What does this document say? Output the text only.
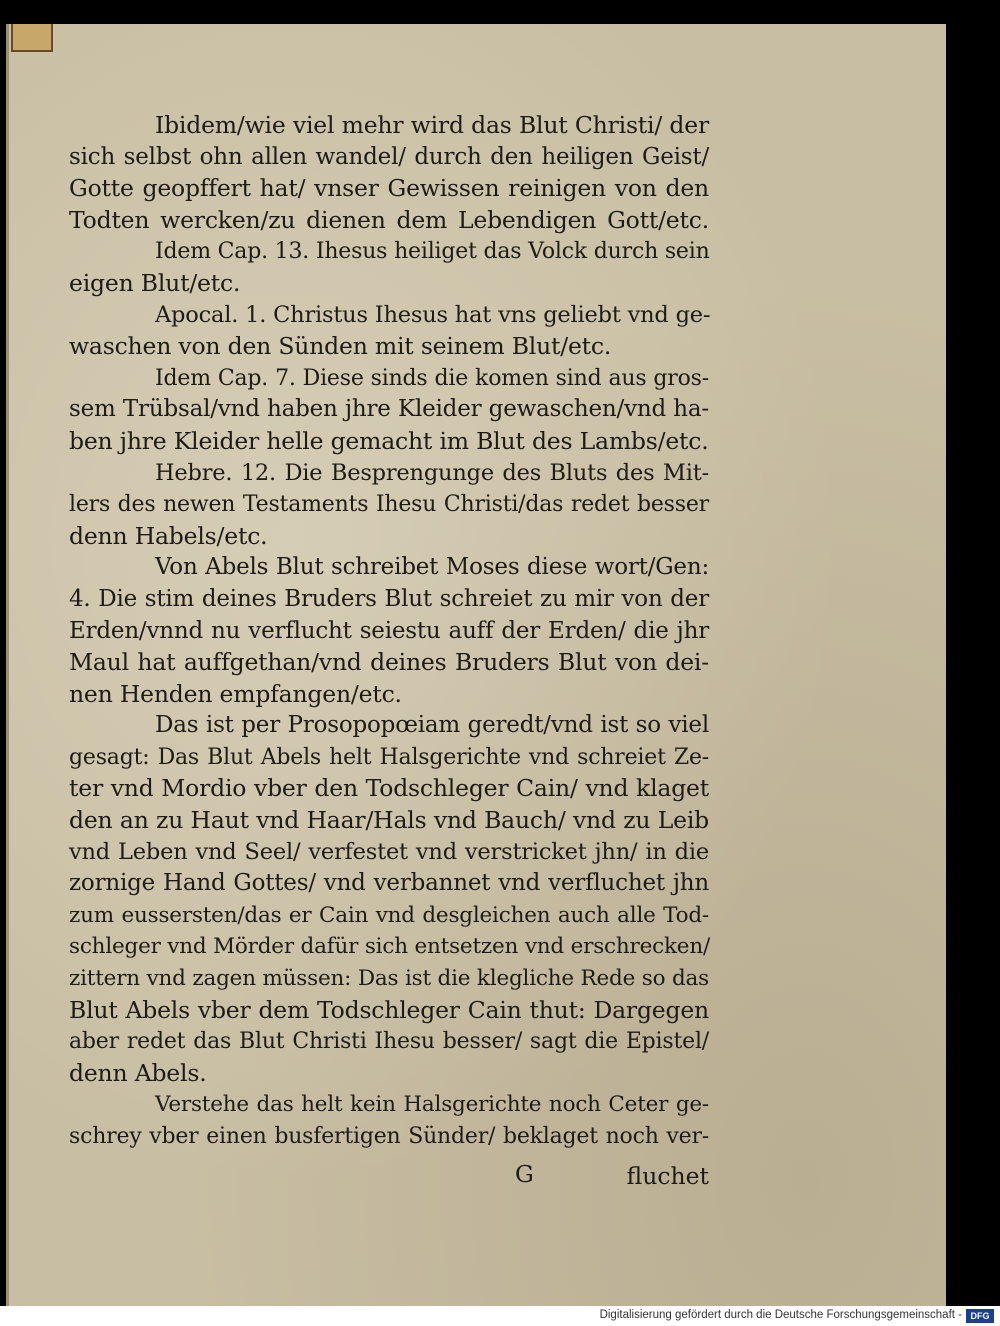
Ibidem/wie viel mehr wird das Blut Christi/ der
sich selbst ohn allen wandel/ durch den heiligen Geist/
Gotte geopffert hat/ vnser Gewissen reinigen von den
Todten wercken/zu dienen dem Lebendigen Gott/etc.
Idem Cap. 13. Ihesus heiliget das Volck durch sein
eigen Blut/etc.
Apocal. 1. Christus Ihesus hat vns geliebt vnd ge-
waschen von den Sünden mit seinem Blut/etc.
Idem Cap. 7. Diese sinds die komen sind aus gros-
sem Trübsal/vnd haben jhre Kleider gewaschen/vnd ha-
ben jhre Kleider helle gemacht im Blut des Lambs/etc.
Hebre. 12. Die Besprengunge des Bluts des Mit-
lers des newen Testaments Ihesu Christi/das redet besser
denn Habels/etc.
Von Abels Blut schreibet Moses diese wort/Gen:
4. Die stim deines Bruders Blut schreiet zu mir von der
Erden/vnnd nu verflucht seiestu auff der Erden/ die jhr
Maul hat auffgethan/vnd deines Bruders Blut von dei-
nen Henden empfangen/etc.
Das ist per Prosopopœiam geredt/vnd ist so viel
gesagt: Das Blut Abels helt Halsgerichte vnd schreiet Ze-
ter vnd Mordio vber den Todschleger Cain/ vnd klaget
den an zu Haut vnd Haar/Hals vnd Bauch/ vnd zu Leib
vnd Leben vnd Seel/ verfestet vnd verstricket jhn/ in die
zornige Hand Gottes/ vnd verbannet vnd verfluchet jhn
zum eussersten/das er Cain vnd desgleichen auch alle Tod-
schleger vnd Mörder dafür sich entsetzen vnd erschrecken/
zittern vnd zagen müssen: Das ist die klegliche Rede so das
Blut Abels vber dem Todschleger Cain thut: Dargegen
aber redet das Blut Christi Ihesu besser/ sagt die Epistel/
denn Abels.
Verstehe das helt kein Halsgerichte noch Ceter ge-
schrey vber einen busfertigen Sünder/ beklaget noch ver-
G	fluchet
Digitalisierung gefördert durch die Deutsche Forschungsgemeinschaft - DFG
